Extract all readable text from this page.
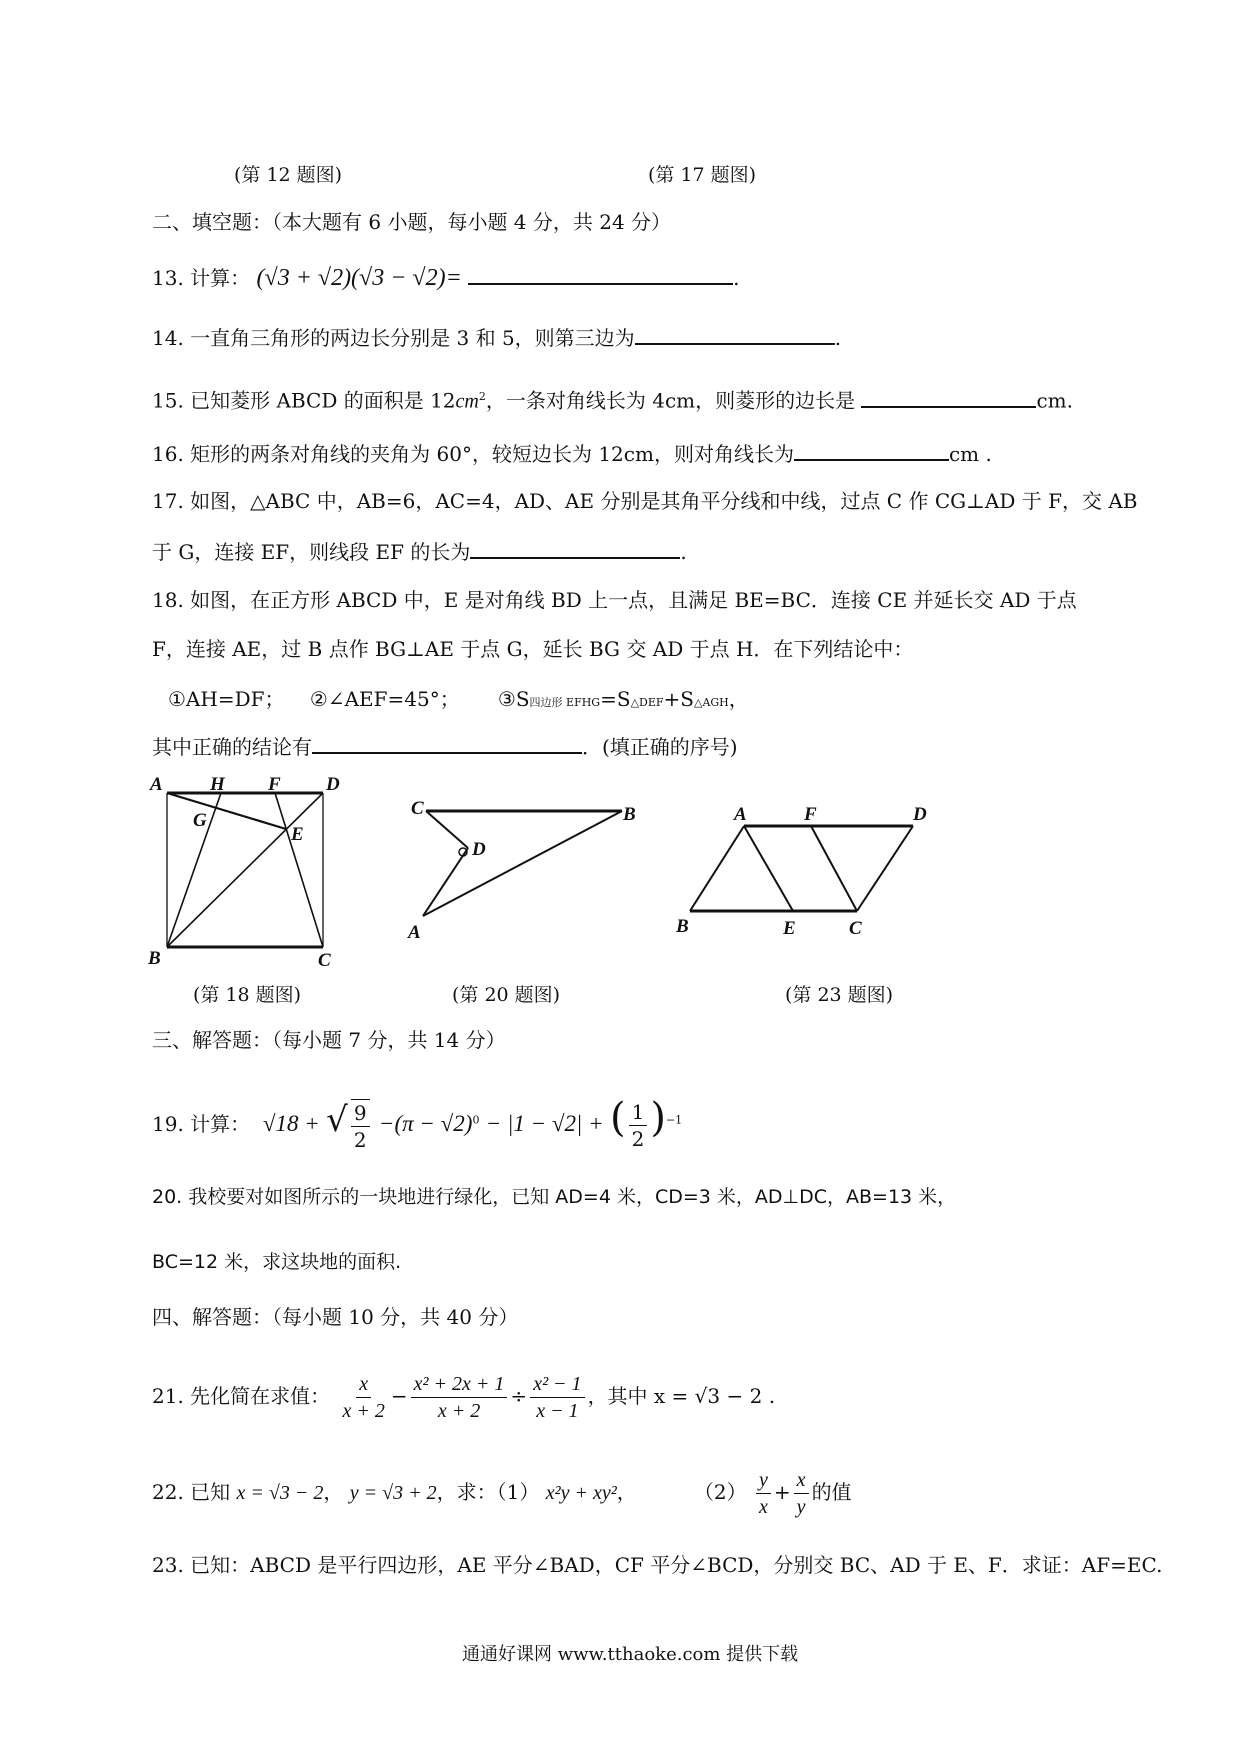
(第 12 题图)	(第 17 题图)
二、填空题：（本大题有 6 小题，每小题 4 分，共 24 分）
13. 计算： (√3 + √2)(√3 − √2)=	.
14. 一直角三角形的两边长分别是 3 和 5，则第三边为	.
15. 已知菱形 ABCD 的面积是 $12cm^2$，一条对角线长为 4cm，则菱形的边长是	cm.
16. 矩形的两条对角线的夹角为 60°，较短边长为 12cm，则对角线长为	cm .
17. 如图，△ABC 中，AB=6，AC=4，AD、AE 分别是其角平分线和中线，过点 C 作 CG⊥AD 于 F，交 AB
于 G，连接 EF，则线段 EF 的长为	.
18. 如图，在正方形 ABCD 中，E 是对角线 BD 上一点，且满足 BE=BC．连接 CE 并延长交 AD 于点
F，连接 AE，过 B 点作 BG⊥AE 于点 G，延长 BG 交 AD 于点 H．在下列结论中：
①AH=DF； ②∠AEF=45°； ③S四边形 EFHG=S△DEF+S△AGH，
其中正确的结论有	．(填正确的序号)
A H F D
G
E
B	C
C	B
D
A
A	F	D
B	E	C
(第 18 题图)	(第 20 题图)	(第 23 题图)
三、解答题：（每小题 7 分，共 14 分）
19. 计算： √18 + √ $\frac{9}{2} -(\pi - √2)^0 - |1 - √2|$ + ( $\frac{1}{2} )^{-1}$
20. 我校要对如图所示的一块地进行绿化，已知 AD=4 米，CD=3 米，AD⊥DC，AB=13 米，
BC=12 米，求这块地的面积.
四、解答题：（每小题 10 分，共 40 分）
21. 先化简在求值： $\frac{x}{x + 2} - \frac{\text{x² + 2x + 1}}{x + 2} \div \frac{\text{x² − 1}}{x - 1}$ ，其中 x = √3 − 2 .
22. 已知 x = √3 − 2， y = √3 + 2，求：（1） x²y + xy²，	$(2) \frac{y}{x} + \frac{x}{y}$ 的值
23. 已知：ABCD 是平行四边形，AE 平分∠BAD，CF 平分∠BCD，分别交 BC、AD 于 E、F．求证：AF=EC.
通通好课网 www.tthaoke.com 提供下载
